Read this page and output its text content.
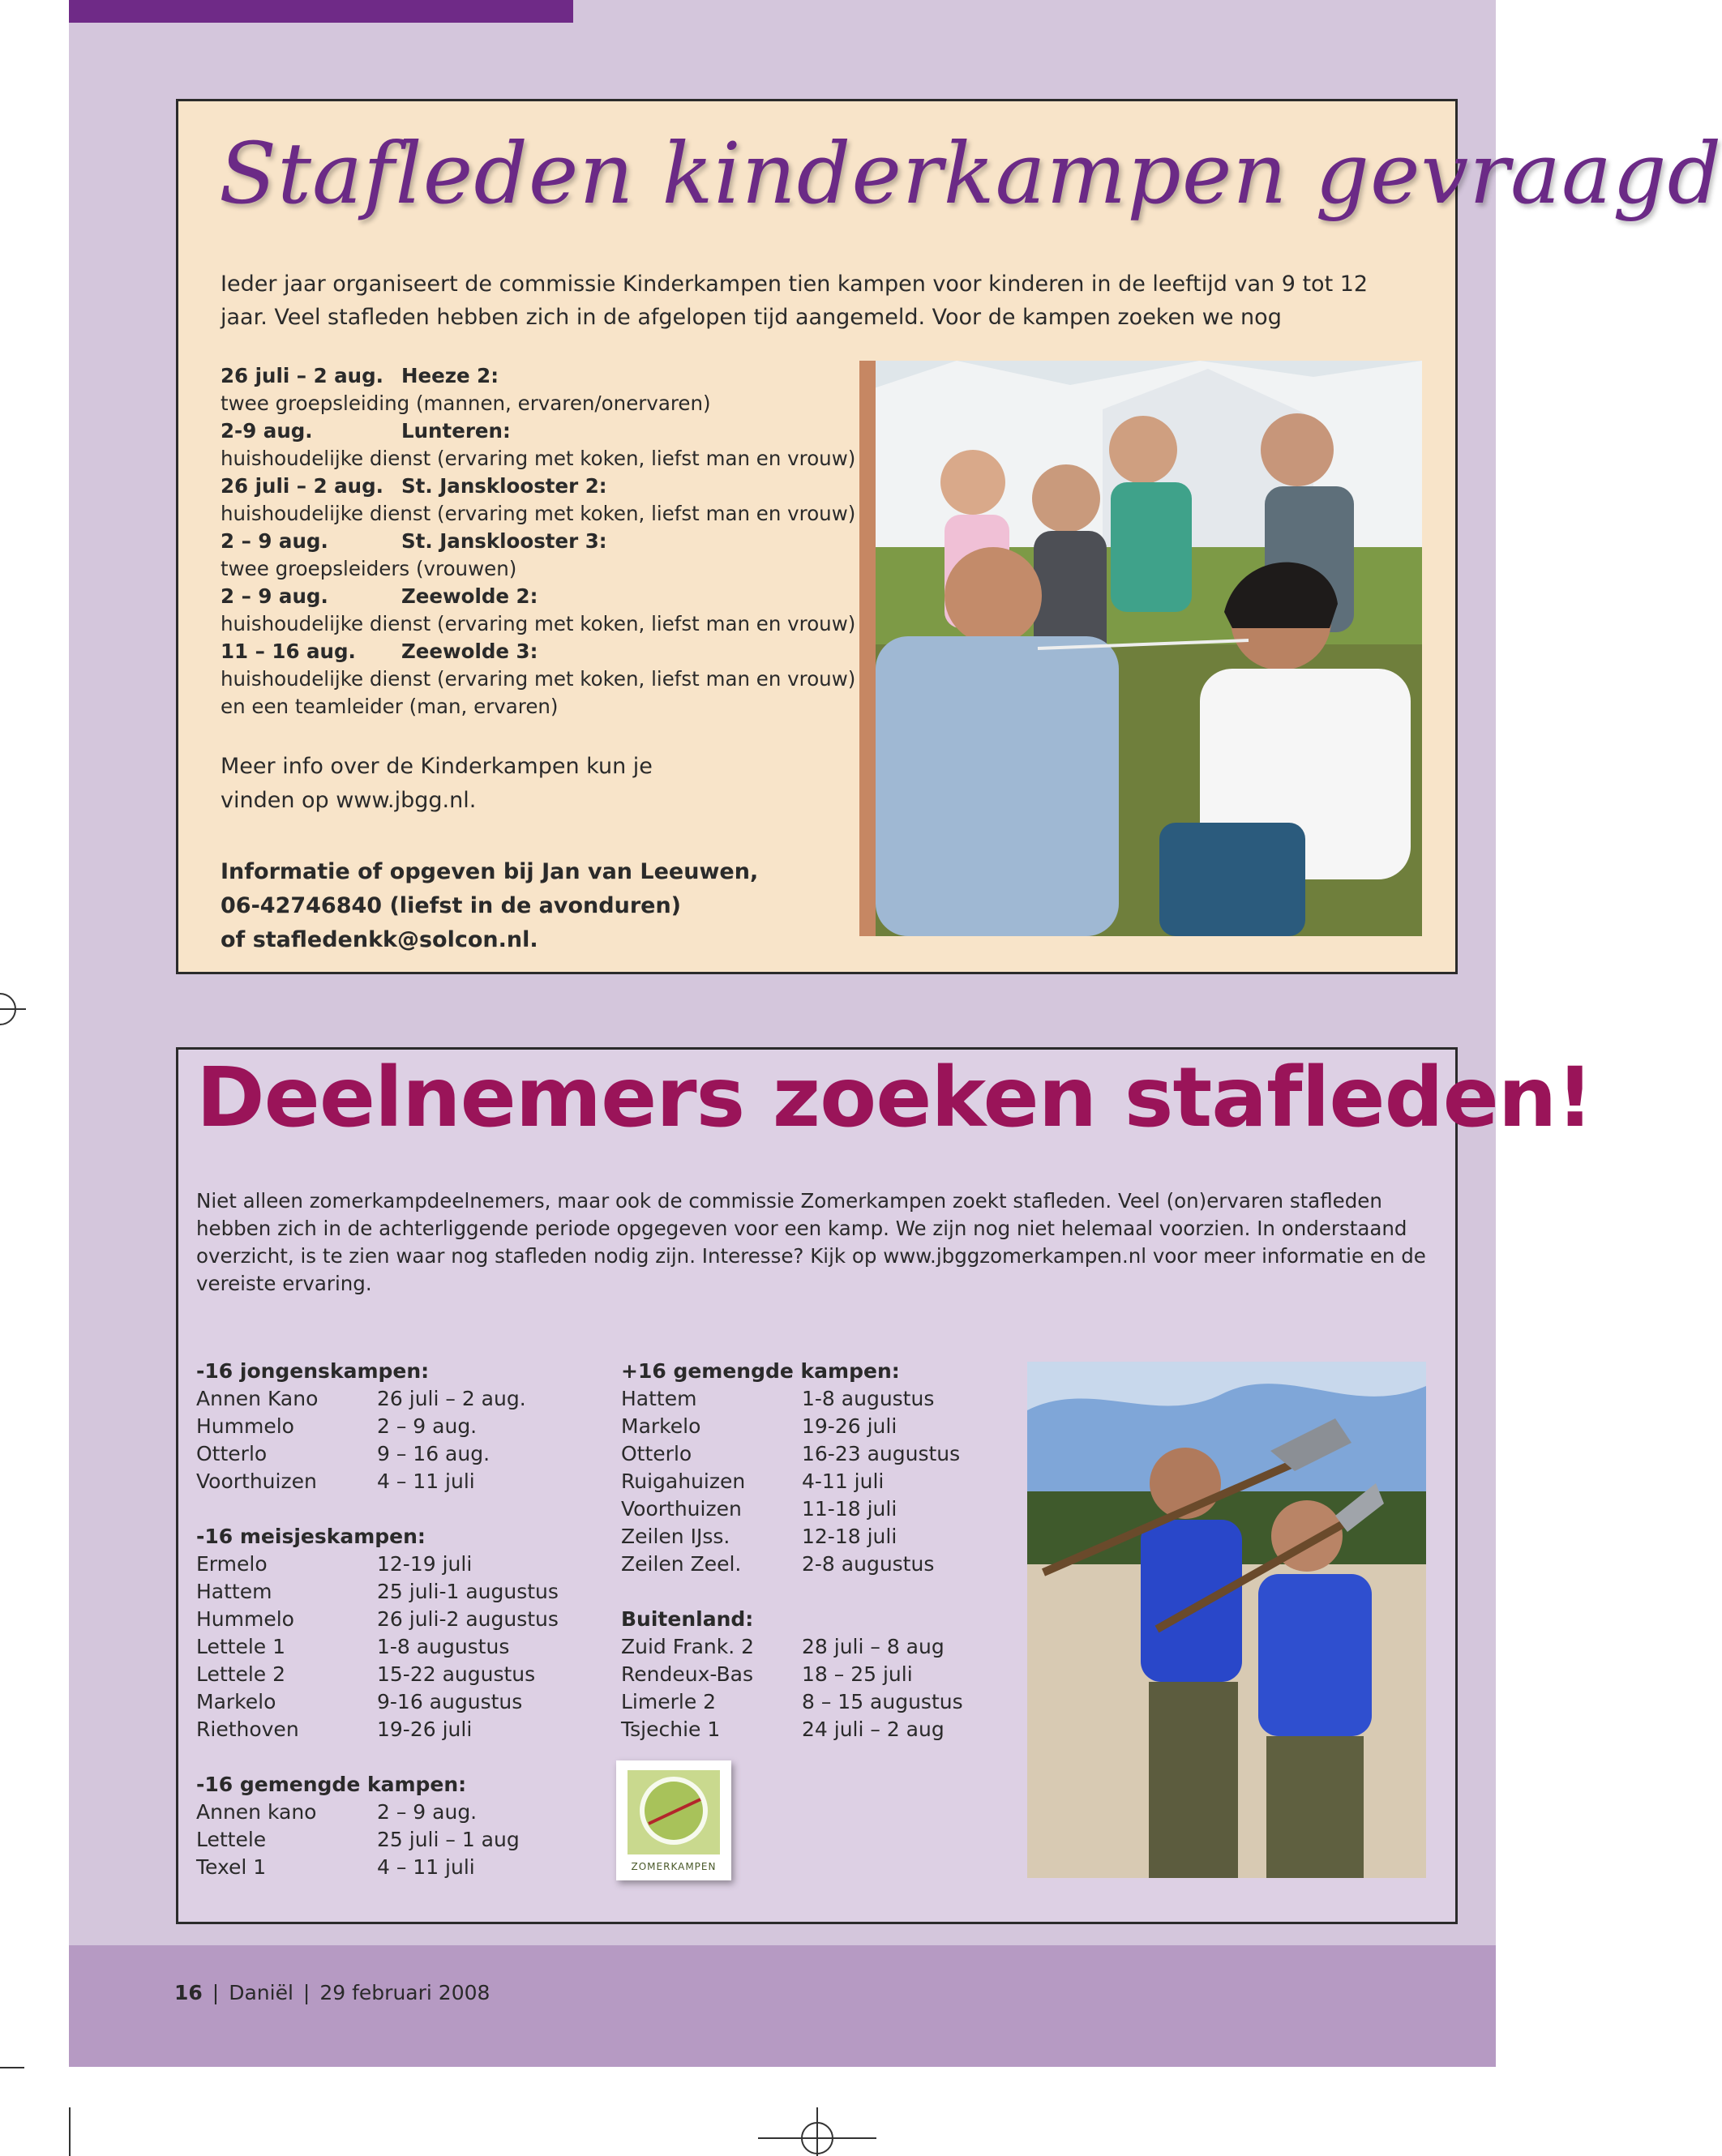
Stafleden kinderkampen gevraagd

Ieder jaar organiseert de commissie Kinderkampen tien kampen voor kinderen in de leeftijd van 9 tot 12 jaar. Veel stafleden hebben zich in de afgelopen tijd aangemeld. Voor de kampen zoeken we nog

26 juli – 2 aug. Heeze 2:
twee groepsleiding (mannen, ervaren/onervaren)
2-9 aug.	Lunteren:
huishoudelijke dienst (ervaring met koken, liefst man en vrouw)
26 juli – 2 aug. St. Jansklooster 2:
huishoudelijke dienst (ervaring met koken, liefst man en vrouw)
2 – 9 aug.	St. Jansklooster 3:
twee groepsleiders (vrouwen)
2 – 9 aug.	Zeewolde 2:
huishoudelijke dienst (ervaring met koken, liefst man en vrouw)
11 – 16 aug.	Zeewolde 3:
huishoudelijke dienst (ervaring met koken, liefst man en vrouw)
en een teamleider (man, ervaren)

Meer info over de Kinderkampen kun je vinden op www.jbgg.nl.

Informatie of opgeven bij Jan van Leeuwen,
06-42746840 (liefst in de avonduren)
of stafledenkk@solcon.nl.
Deelnemers zoeken stafleden!

Niet alleen zomerkampdeelnemers, maar ook de commissie Zomerkampen zoekt stafleden. Veel (on)ervaren stafleden hebben zich in de achterliggende periode opgegeven voor een kamp. We zijn nog niet helemaal voorzien. In onderstaand overzicht, is te zien waar nog stafleden nodig zijn. Interesse? Kijk op www.jbggzomerkampen.nl voor meer informatie en de vereiste ervaring.

-16 jongenskampen:
Annen Kano	26 juli – 2 aug.
Hummelo	2 – 9 aug.
Otterlo	9 – 16 aug.
Voorthuizen	4 – 11 juli
-16 meisjeskampen:
Ermelo	12-19 juli
Hattem	25 juli-1 augustus
Hummelo	26 juli-2 augustus
Lettele 1	1-8 augustus
Lettele 2	15-22 augustus
Markelo	9-16 augustus
Riethoven	19-26 juli
-16 gemengde kampen:
Annen kano	2 – 9 aug.
Lettele	25 juli – 1 aug
Texel 1	4 – 11 juli
+16 gemengde kampen:
Hattem	1-8 augustus
Markelo	19-26 juli
Otterlo	16-23 augustus
Ruigahuizen	4-11 juli
Voorthuizen	11-18 juli
Zeilen IJss.	12-18 juli
Zeilen Zeel.	2-8 augustus
Buitenland:
Zuid Frank. 2	28 juli – 8 aug
Rendeux-Bas	18 – 25 juli
Limerle 2	8 – 15 augustus
Tsjechie 1	24 juli – 2 aug
ZOMERKAMPEN
16 | Daniël | 29 februari 2008
